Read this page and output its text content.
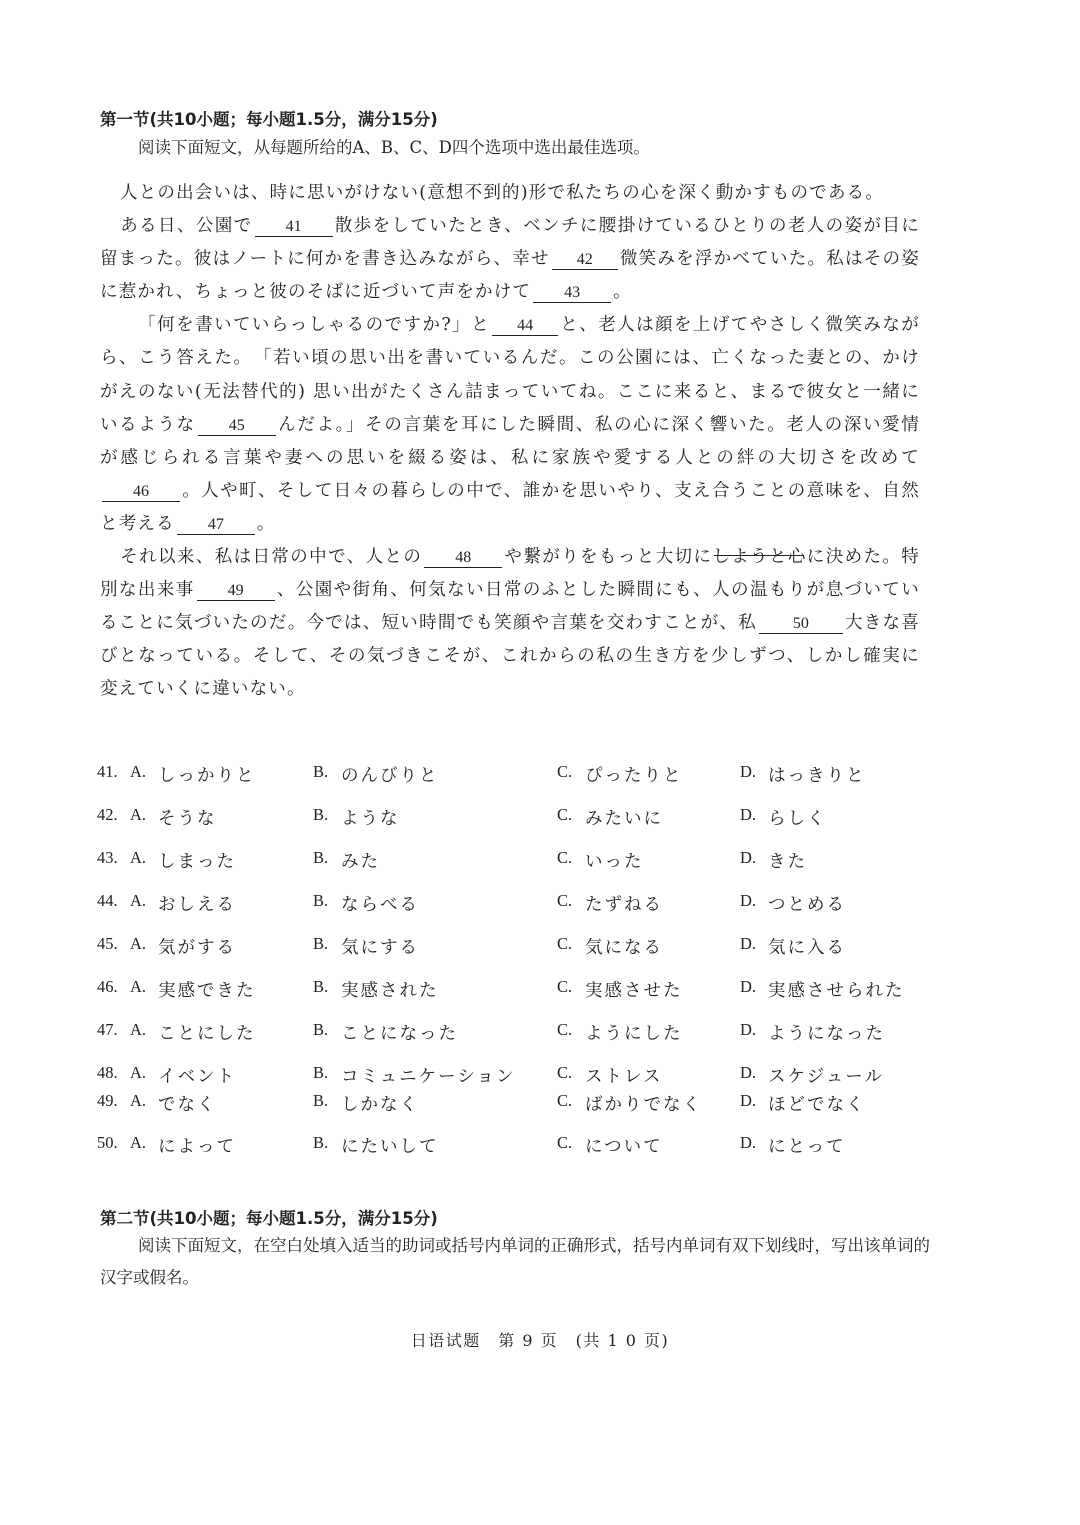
第一节(共10小题；每小题1.5分，满分15分)
阅读下面短文，从每题所给的A、B、C、D四个选项中选出最佳选项。

人との出会いは、時に思いがけない(意想不到的)形で私たちの心を深く動かすものである。

ある日、公園で 41 散歩をしていたとき、ベンチに腰掛けているひとりの老人の姿が目に留まった。彼はノートに何かを書き込みながら、幸せ 42 微笑みを浮かべていた。私はその姿に惹かれ、ちょっと彼のそばに近づいて声をかけて 43 。

「何を書いていらっしゃるのですか?」と 44 と、老人は顔を上げてやさしく微笑みながら、こう答えた。　「若い頃の思い出を書いているんだ。この公園には、亡くなった妻との、かけがえのない(无法替代的) 思い出がたくさん詰まっていてね。ここに来ると、まるで彼女と一緒にいるような 45 んだよ。」その言葉を耳にした瞬間、私の心に深く響いた。老人の深い愛情が感じられる言葉や妻への思いを綴る姿は、私に家族や愛する人との絆の大切さを改めて46 。人や町、そして日々の暮らしの中で、誰かを思いやり、支え合うことの意味を、自然と考える 47 。

それ以来、私は日常の中で、人との 48 や繋がりをもっと大切にしようと心に決めた。特別な出来事 49 、公園や街角、何気ない日常のふとした瞬間にも、人の温もりが息づいていることに気づいたのだ。今では、短い時間でも笑顔や言葉を交わすことが、私 50 大きな喜びとなっている。そして、その気づきこそが、これからの私の生き方を少しずつ、しかし確実に変えていくに違いない。

41. A. しっかりと	B. のんびりと	C. ぴったりと	D. はっきりと
42. A. そうな	B. ような	C. みたいに	D. らしく
43. A. しまった	B. みた	C. いった	D. きた
44. A. おしえる	B. ならべる	C. たずねる	D. つとめる
45. A. 気がする	B. 気にする	C. 気になる	D. 気に入る
46. A. 実感できた	B. 実感された	C. 実感させた	D. 実感させられた
47. A. ことにした	B. ことになった	C. ようにした	D. ようになった
48. A. イベント	B. コミュニケーション	C. ストレス	D. スケジュール
49. A. でなく	B. しかなく	C. ばかりでなく D. ほどでなく
50. A. によって	B. にたいして	C. について	D. にとって
第二节(共10小题；每小题1.5分，满分15分)
阅读下面短文，在空白处填入适当的助词或括号内单词的正确形式，括号内单词有双下划线时，写出该单词的汉字或假名。
日语试题　第 9 页　(共 1 0 页)
